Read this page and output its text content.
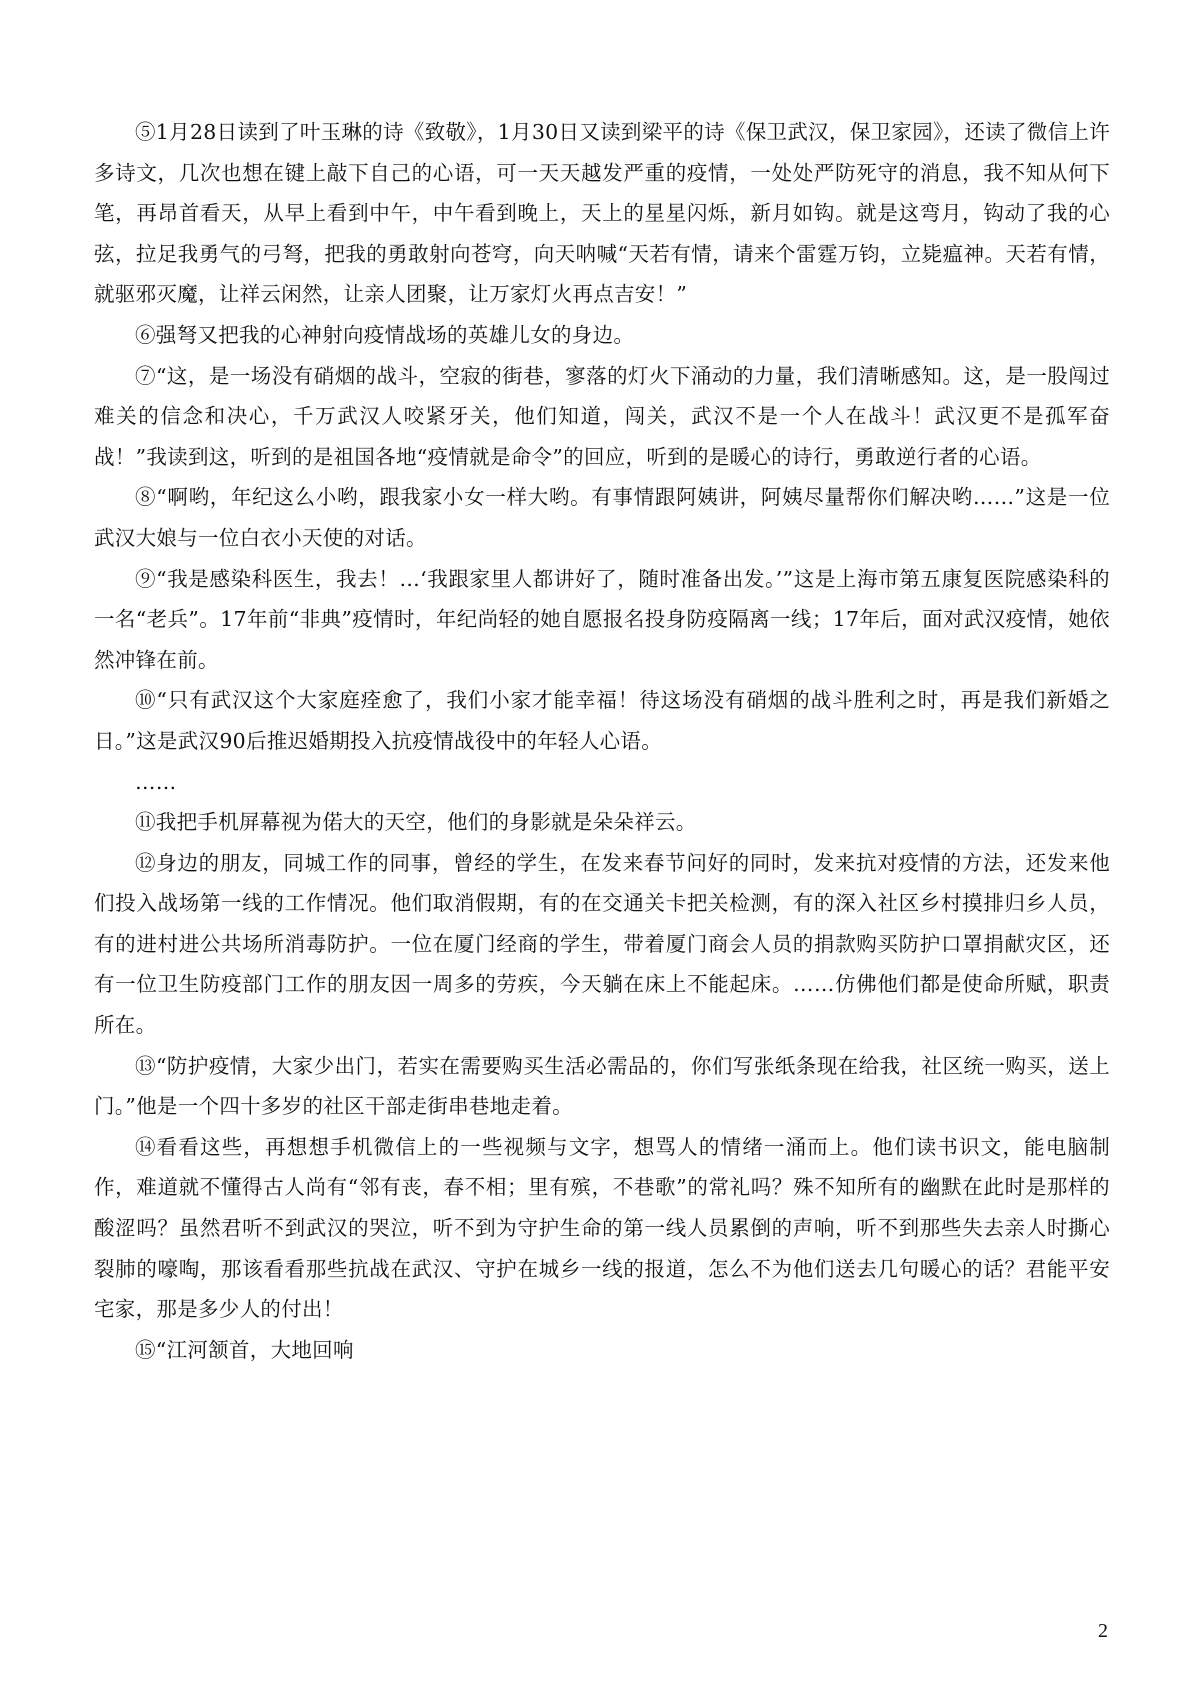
⑤1月28日读到了叶玉琳的诗《致敬》，1月30日又读到梁平的诗《保卫武汉，保卫家园》，还读了微信上许多诗文，几次也想在键上敲下自己的心语，可一天天越发严重的疫情，一处处严防死守的消息，我不知从何下笔，再昂首看天，从早上看到中午，中午看到晚上，天上的星星闪烁，新月如钩。就是这弯月，钩动了我的心弦，拉足我勇气的弓弩，把我的勇敢射向苍穹，向天呐喊“天若有情，请来个雷霆万钧，立毙瘟神。天若有情，就驱邪灭魔，让祥云闲然，让亲人团聚，让万家灯火再点吉安！”

⑥强弩又把我的心神射向疫情战场的英雄儿女的身边。

⑦“这，是一场没有硝烟的战斗，空寂的街巷，寥落的灯火下涌动的力量，我们清晰感知。这，是一股闯过难关的信念和决心，千万武汉人咬紧牙关，他们知道，闯关，武汉不是一个人在战斗！武汉更不是孤军奋战！”我读到这，听到的是祖国各地“疫情就是命令”的回应，听到的是暖心的诗行，勇敢逆行者的心语。

⑧“啊哟，年纪这么小哟，跟我家小女一样大哟。有事情跟阿姨讲，阿姨尽量帮你们解决哟……”这是一位武汉大娘与一位白衣小天使的对话。

⑨“我是感染科医生，我去！…‘我跟家里人都讲好了，随时准备出发。’”这是上海市第五康复医院感染科的一名“老兵”。17年前“非典”疫情时，年纪尚轻的她自愿报名投身防疫隔离一线；17年后，面对武汉疫情，她依然冲锋在前。

⑩“只有武汉这个大家庭痊愈了，我们小家才能幸福！待这场没有硝烟的战斗胜利之时，再是我们新婚之日。”这是武汉90后推迟婚期投入抗疫情战役中的年轻人心语。

……

⑪我把手机屏幕视为偌大的天空，他们的身影就是朵朵祥云。

⑫身边的朋友，同城工作的同事，曾经的学生，在发来春节问好的同时，发来抗对疫情的方法，还发来他们投入战场第一线的工作情况。他们取消假期，有的在交通关卡把关检测，有的深入社区乡村摸排归乡人员，有的进村进公共场所消毒防护。一位在厦门经商的学生，带着厦门商会人员的捐款购买防护口罩捐献灾区，还有一位卫生防疫部门工作的朋友因一周多的劳疾，今天躺在床上不能起床。……仿佛他们都是使命所赋，职责所在。

⑬“防护疫情，大家少出门，若实在需要购买生活必需品的，你们写张纸条现在给我，社区统一购买，送上门。”他是一个四十多岁的社区干部走街串巷地走着。

⑭看看这些，再想想手机微信上的一些视频与文字，想骂人的情绪一涌而上。他们读书识文，能电脑制作，难道就不懂得古人尚有“邻有丧，春不相；里有殡，不巷歌”的常礼吗？殊不知所有的幽默在此时是那样的酸涩吗？虽然君听不到武汉的哭泣，听不到为守护生命的第一线人员累倒的声响，听不到那些失去亲人时撕心裂肺的嚎啕，那该看看那些抗战在武汉、守护在城乡一线的报道，怎么不为他们送去几句暖心的话？君能平安宅家，那是多少人的付出！

⑮“江河颔首，大地回响

2
